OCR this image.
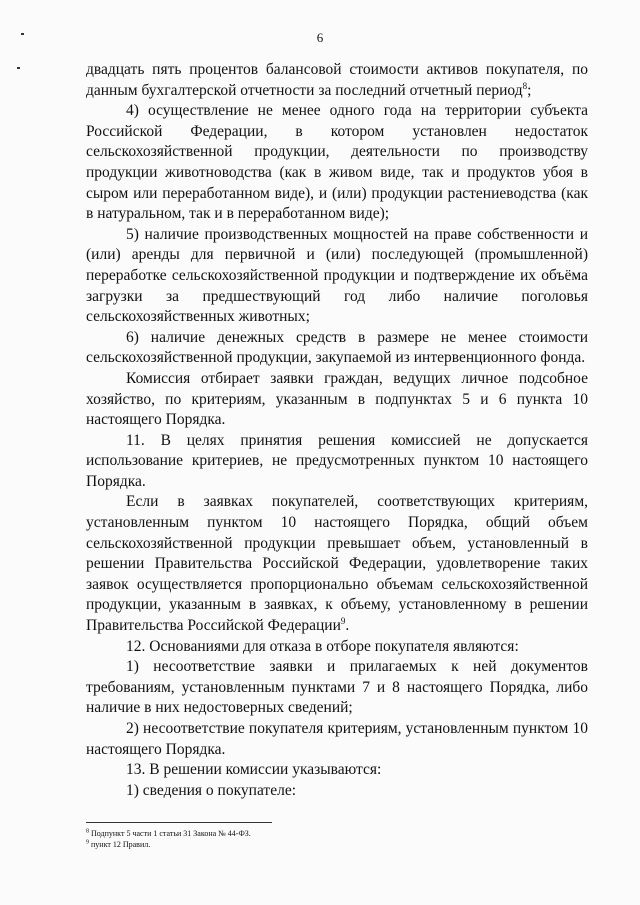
6

двадцать пять процентов балансовой стоимости активов покупателя, по данным бухгалтерской отчетности за последний отчетный период$^8$;

4) осуществление не менее одного года на территории субъекта Российской Федерации, в котором установлен недостаток сельскохозяйственной продукции, деятельности по производству продукции животноводства (как в живом виде, так и продуктов убоя в сыром или переработанном виде), и (или) продукции растениеводства (как в натуральном, так и в переработанном виде);

5) наличие производственных мощностей на праве собственности и (или) аренды для первичной и (или) последующей (промышленной) переработке сельскохозяйственной продукции и подтверждение их объёма загрузки за предшествующий год либо наличие поголовья сельскохозяйственных животных;

6) наличие денежных средств в размере не менее стоимости сельскохозяйственной продукции, закупаемой из интервенционного фонда.

Комиссия отбирает заявки граждан, ведущих личное подсобное хозяйство, по критериям, указанным в подпунктах 5 и 6 пункта 10 настоящего Порядка.

11. В целях принятия решения комиссией не допускается использование критериев, не предусмотренных пунктом 10 настоящего Порядка.

Если в заявках покупателей, соответствующих критериям, установленным пунктом 10 настоящего Порядка, общий объем сельскохозяйственной продукции превышает объем, установленный в решении Правительства Российской Федерации, удовлетворение таких заявок осуществляется пропорционально объемам сельскохозяйственной продукции, указанным в заявках, к объему, установленному в решении Правительства Российской Федерации$^9$.

12. Основаниями для отказа в отборе покупателя являются:

1) несоответствие заявки и прилагаемых к ней документов требованиям, установленным пунктами 7 и 8 настоящего Порядка, либо наличие в них недостоверных сведений;

2) несоответствие покупателя критериям, установленным пунктом 10 настоящего Порядка.

13. В решении комиссии указываются:

1) сведения о покупателе:

$^8$ Подпункт 5 части 1 статьи 31 Закона № 44-ФЗ.
$^9$ пункт 12 Правил.
